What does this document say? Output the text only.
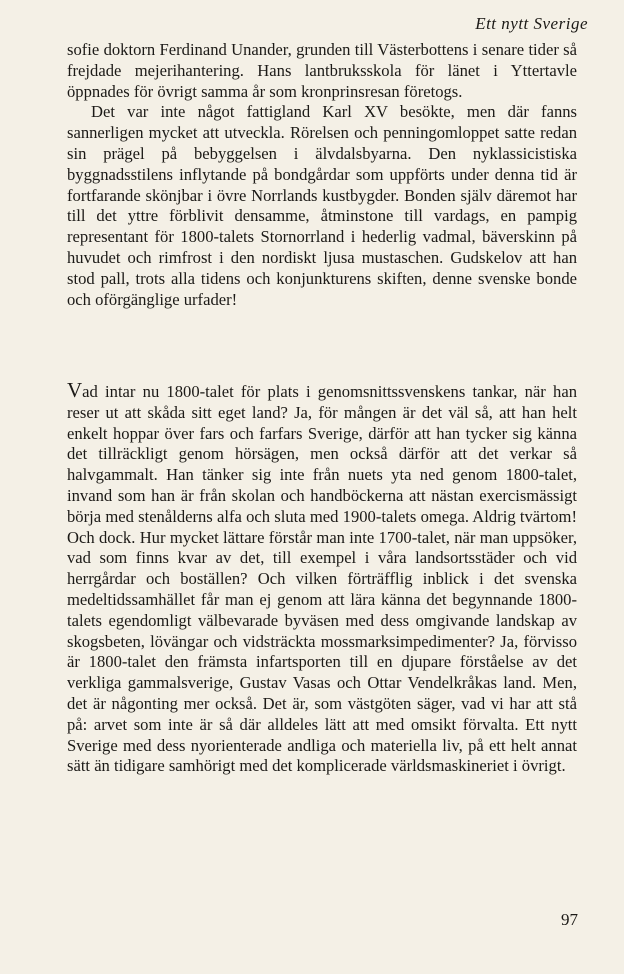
Ett nytt Sverige

sofie doktorn Ferdinand Unander, grunden till Västerbottens i senare tider så frejdade mejerihantering. Hans lantbruksskola för länet i Yttertavle öppnades för övrigt samma år som kronprinsresan företogs.

Det var inte något fattigland Karl XV besökte, men där fanns sannerligen mycket att utveckla. Rörelsen och penningomloppet satte redan sin prägel på bebyggelsen i älvdalsbyarna. Den nyklassicistiska byggnadsstilens inflytande på bondgårdar som uppförts under denna tid är fortfarande skönjbar i övre Norrlands kustbygder. Bonden själv däremot har till det yttre förblivit densamme, åtminstone till vardags, en pampig representant för 1800-talets Stornorrland i hederlig vadmal, bäverskinn på huvudet och rimfrost i den nordiskt ljusa mustaschen. Gudskelov att han stod pall, trots alla tidens och konjunkturens skiften, denne svenske bonde och oförgänglige urfader!

Vad intar nu 1800-talet för plats i genomsnittssvenskens tankar, när han reser ut att skåda sitt eget land? Ja, för mången är det väl så, att han helt enkelt hoppar över fars och farfars Sverige, därför att han tycker sig känna det tillräckligt genom hörsägen, men också därför att det verkar så halvgammalt. Han tänker sig inte från nuets yta ned genom 1800-talet, invand som han är från skolan och handböckerna att nästan exercismässigt börja med stenålderns alfa och sluta med 1900-talets omega. Aldrig tvärtom! Och dock. Hur mycket lättare förstår man inte 1700-talet, när man uppsöker, vad som finns kvar av det, till exempel i våra landsortsstäder och vid herrgårdar och boställen? Och vilken förträfflig inblick i det svenska medeltidssamhället får man ej genom att lära känna det begynnande 1800-talets egendomligt välbevarade byväsen med dess omgivande landskap av skogsbeten, lövängar och vidsträckta mossmarksimpedimenter? Ja, förvisso är 1800-talet den främsta infartsporten till en djupare förståelse av det verkliga gammalsverige, Gustav Vasas och Ottar Vendelkråkas land. Men, det är någonting mer också. Det är, som västgöten säger, vad vi har att stå på: arvet som inte är så där alldeles lätt att med omsikt förvalta. Ett nytt Sverige med dess nyorienterade andliga och materiella liv, på ett helt annat sätt än tidigare samhörigt med det komplicerade världsmaskineriet i övrigt.

97
